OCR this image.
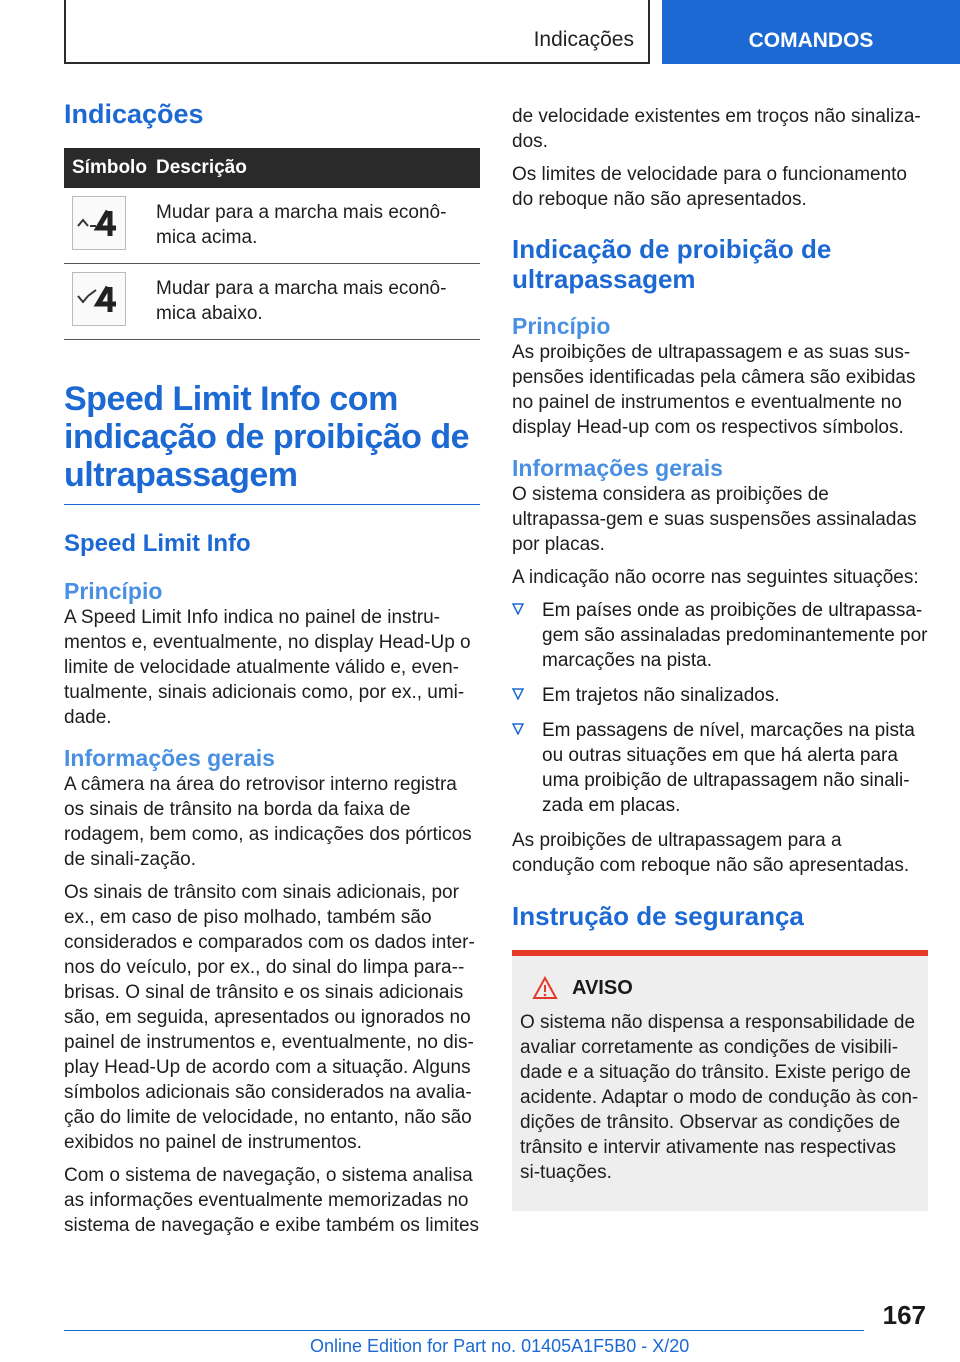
Indicações	COMANDOS
Indicações
Símbolo Descrição

Mudar para a marcha mais econô-mica acima.

Mudar para a marcha mais econô-mica abaixo.

Speed Limit Info com indicação de proibição de ultrapassagem
Speed Limit Info
Princípio

A Speed Limit Info indica no painel de instru-mentos e, eventualmente, no display Head-Up o limite de velocidade atualmente válido e, even-tualmente, sinais adicionais como, por ex., umi-dade.

Informações gerais

A câmera na área do retrovisor interno registra os sinais de trânsito na borda da faixa de rodagem, bem como, as indicações dos pórticos de sinali-zação.

Os sinais de trânsito com sinais adicionais, por ex., em caso de piso molhado, também são considerados e comparados com os dados inter-nos do veículo, por ex., do sinal do limpa para--brisas. O sinal de trânsito e os sinais adicionais são, em seguida, apresentados ou ignorados no painel de instrumentos e, eventualmente, no dis-play Head-Up de acordo com a situação. Alguns símbolos adicionais são considerados na avalia-ção do limite de velocidade, no entanto, não são exibidos no painel de instrumentos.

Com o sistema de navegação, o sistema analisa as informações eventualmente memorizadas no sistema de navegação e exibe também os limites

de velocidade existentes em troços não sinaliza-dos.

Os limites de velocidade para o funcionamento do reboque não são apresentados.

Indicação de proibição de ultrapassagem
Princípio

As proibições de ultrapassagem e as suas sus-pensões identificadas pela câmera são exibidas no painel de instrumentos e eventualmente no display Head-up com os respectivos símbolos.

Informações gerais

O sistema considera as proibições de ultrapassa-gem e suas suspensões assinaladas por placas.

A indicação não ocorre nas seguintes situações:

Em países onde as proibições de ultrapassa-gem são assinaladas predominantemente por marcações na pista.
Em trajetos não sinalizados.
Em passagens de nível, marcações na pista ou outras situações em que há alerta para uma proibição de ultrapassagem não sinali-zada em placas.

As proibições de ultrapassagem para a condução com reboque não são apresentadas.

Instrução de segurança
AVISO

O sistema não dispensa a responsabilidade de avaliar corretamente as condições de visibili-dade e a situação do trânsito. Existe perigo de acidente. Adaptar o modo de condução às con-dições de trânsito. Observar as condições de trânsito e intervir ativamente nas respectivas si-tuações.

167
Online Edition for Part no. 01405A1F5B0 - X/20
